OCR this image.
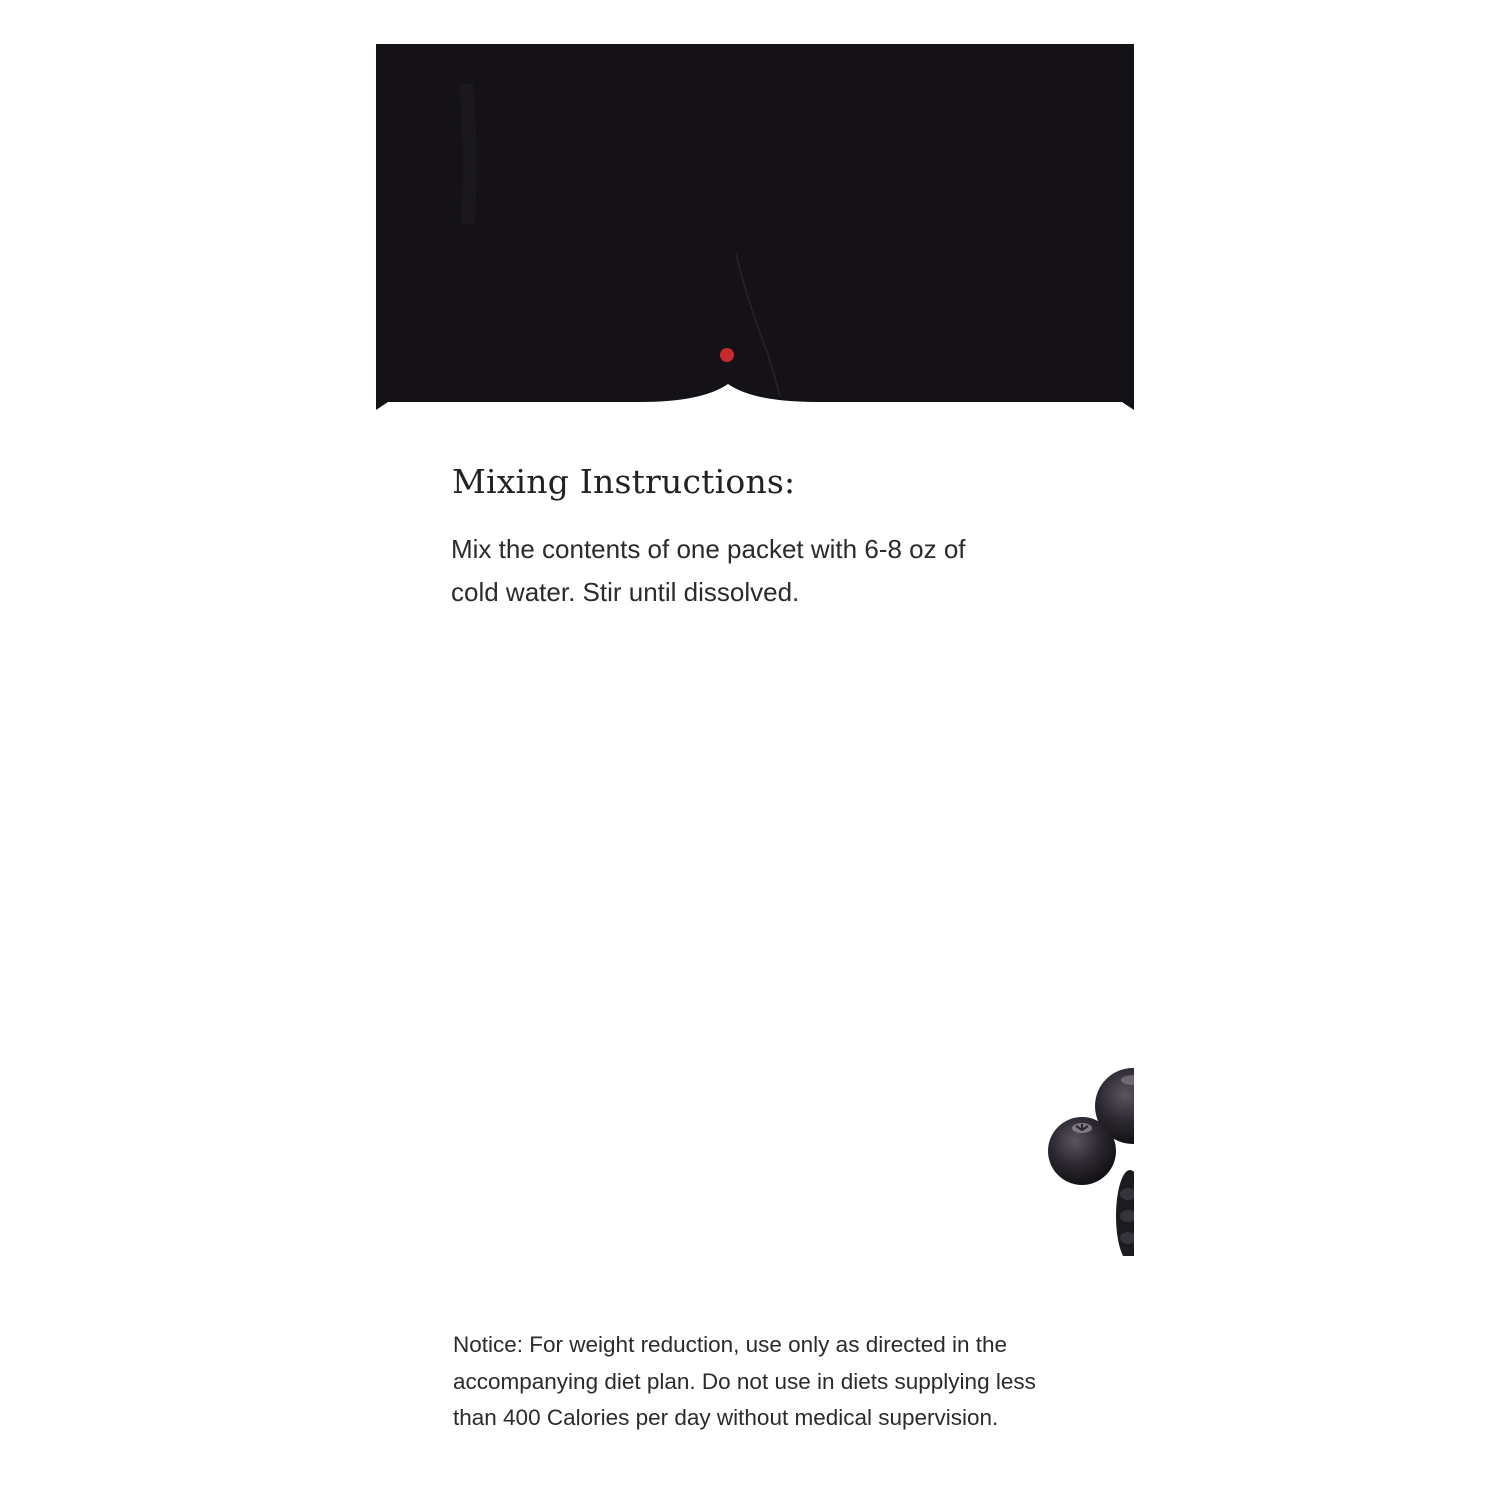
Mixing Instructions:

Mix the contents of one packet with 6-8 oz of
cold water. Stir until dissolved.

Notice: For weight reduction, use only as directed in the
accompanying diet plan. Do not use in diets supplying less
than 400 Calories per day without medical supervision.
